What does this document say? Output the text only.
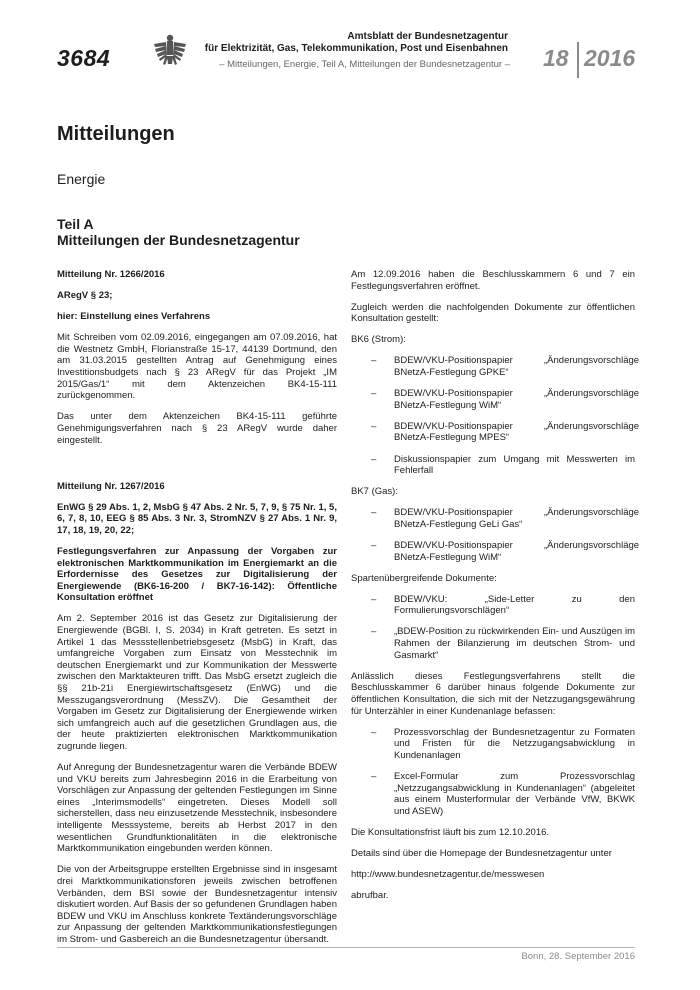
3684
Amtsblatt der Bundesnetzagentur
für Elektrizität, Gas, Telekommunikation, Post und Eisenbahnen
– Mitteilungen, Energie, Teil A, Mitteilungen der Bundesnetzagentur – 18 2016
Mitteilungen
Energie
Teil A
Mitteilungen der Bundesnetzagentur

Mitteilung Nr. 1266/2016

ARegV § 23;

hier: Einstellung eines Verfahrens

Mit Schreiben vom 02.09.2016, eingegangen am 07.09.2016, hat die Westnetz GmbH, Florianstraße 15-17, 44139 Dortmund, den am 31.03.2015 gestellten Antrag auf Genehmigung eines Investitionsbudgets nach § 23 ARegV für das Projekt „IM 2015/Gas/1“ mit dem Aktenzeichen BK4-15-111 zurückgenommen.

Das unter dem Aktenzeichen BK4-15-111 geführte Genehmigungsverfahren nach § 23 ARegV wurde daher eingestellt.

Mitteilung Nr. 1267/2016

EnWG § 29 Abs. 1, 2, MsbG § 47 Abs. 2 Nr. 5, 7, 9, § 75 Nr. 1, 5, 6, 7, 8, 10, EEG § 85 Abs. 3 Nr. 3, StromNZV § 27 Abs. 1 Nr. 9, 17, 18, 19, 20, 22;

Festlegungsverfahren zur Anpassung der Vorgaben zur elektronischen Marktkommunikation im Energiemarkt an die Erfordernisse des Gesetzes zur Digitalisierung der Energiewende (BK6-16-200 / BK7-16-142): Öffentliche Konsultation eröffnet

Am 2. September 2016 ist das Gesetz zur Digitalisierung der Energiewende (BGBl. I, S. 2034) in Kraft getreten. Es setzt in Artikel 1 das Messstellenbetriebsgesetz (MsbG) in Kraft, das umfangreiche Vorgaben zum Einsatz von Messtechnik im deutschen Energiemarkt und zur Kommunikation der Messwerte zwischen den Marktakteuren trifft. Das MsbG ersetzt zugleich die §§ 21b-21i Energiewirtschaftsgesetz (EnWG) und die Messzugangsverordnung (MessZV). Die Gesamtheit der Vorgaben im Gesetz zur Digitalisierung der Energiewende wirken sich umfangreich auch auf die gesetzlichen Grundlagen aus, die der heute praktizierten elektronischen Marktkommunikation zugrunde liegen.

Auf Anregung der Bundesnetzagentur waren die Verbände BDEW und VKU bereits zum Jahresbeginn 2016 in die Erarbeitung von Vorschlägen zur Anpassung der geltenden Festlegungen im Sinne eines „Interimsmodells“ eingetreten. Dieses Modell soll sicherstellen, dass neu einzusetzende Messtechnik, insbesondere intelligente Messsysteme, bereits ab Herbst 2017 in den wesentlichen Grundfunktionalitäten in die elektronische Marktkommunikation eingebunden werden können.

Die von der Arbeitsgruppe erstellten Ergebnisse sind in insgesamt drei Marktkommunikationsforen jeweils zwischen betroffenen Verbänden, dem BSI sowie der Bundesnetzagentur intensiv diskutiert worden. Auf Basis der so gefundenen Grundlagen haben BDEW und VKU im Anschluss konkrete Textänderungsvorschläge zur Anpassung der geltenden Marktkommunikationsfestlegungen im Strom- und Gasbereich an die Bundesnetzagentur übersandt.

Am 12.09.2016 haben die Beschlusskammern 6 und 7 ein Festlegungsverfahren eröffnet.

Zugleich werden die nachfolgenden Dokumente zur öffentlichen Konsultation gestellt:

BK6 (Strom):

–	BDEW/VKU-Positionspapier BNetzA-Festlegung GPKE“
„Änderungsvorschläge
–	BDEW/VKU-Positionspapier BNetzA-Festlegung WiM“
„Änderungsvorschläge
–	BDEW/VKU-Positionspapier BNetzA-Festlegung MPES“
„Änderungsvorschläge
–	Diskussionspapier zum Umgang mit Messwerten im Fehlerfall

BK7 (Gas):

–	BDEW/VKU-Positionspapier BNetzA-Festlegung GeLi Gas“
„Änderungsvorschläge
–	BDEW/VKU-Positionspapier BNetzA-Festlegung WiM“
„Änderungsvorschläge

Spartenübergreifende Dokumente:

–	BDEW/VKU: „Side-Letter zu den Formulierungsvorschlägen“
–	„BDEW-Position zu rückwirkenden Ein- und Auszügen im Rahmen der Bilanzierung im deutschen Strom- und Gasmarkt“

Anlässlich dieses Festlegungsverfahrens stellt die Beschlusskammer 6 darüber hinaus folgende Dokumente zur öffentlichen Konsultation, die sich mit der Netzzugangsgewährung für Unterzähler in einer Kundenanlage befassen:

–	Prozessvorschlag der Bundesnetzagentur zu Formaten und Fristen für die Netzzugangsabwicklung in Kundenanlagen
–	Excel-Formular zum Prozessvorschlag „Netzzugangsabwicklung in Kundenanlagen“ (abgeleitet aus einem Musterformular der Verbände VfW, BKWK und ASEW)

Die Konsultationsfrist läuft bis zum 12.10.2016.

Details sind über die Homepage der Bundesnetzagentur unter

http://www.bundesnetzagentur.de/messwesen

abrufbar.

Bonn, 28. September 2016
